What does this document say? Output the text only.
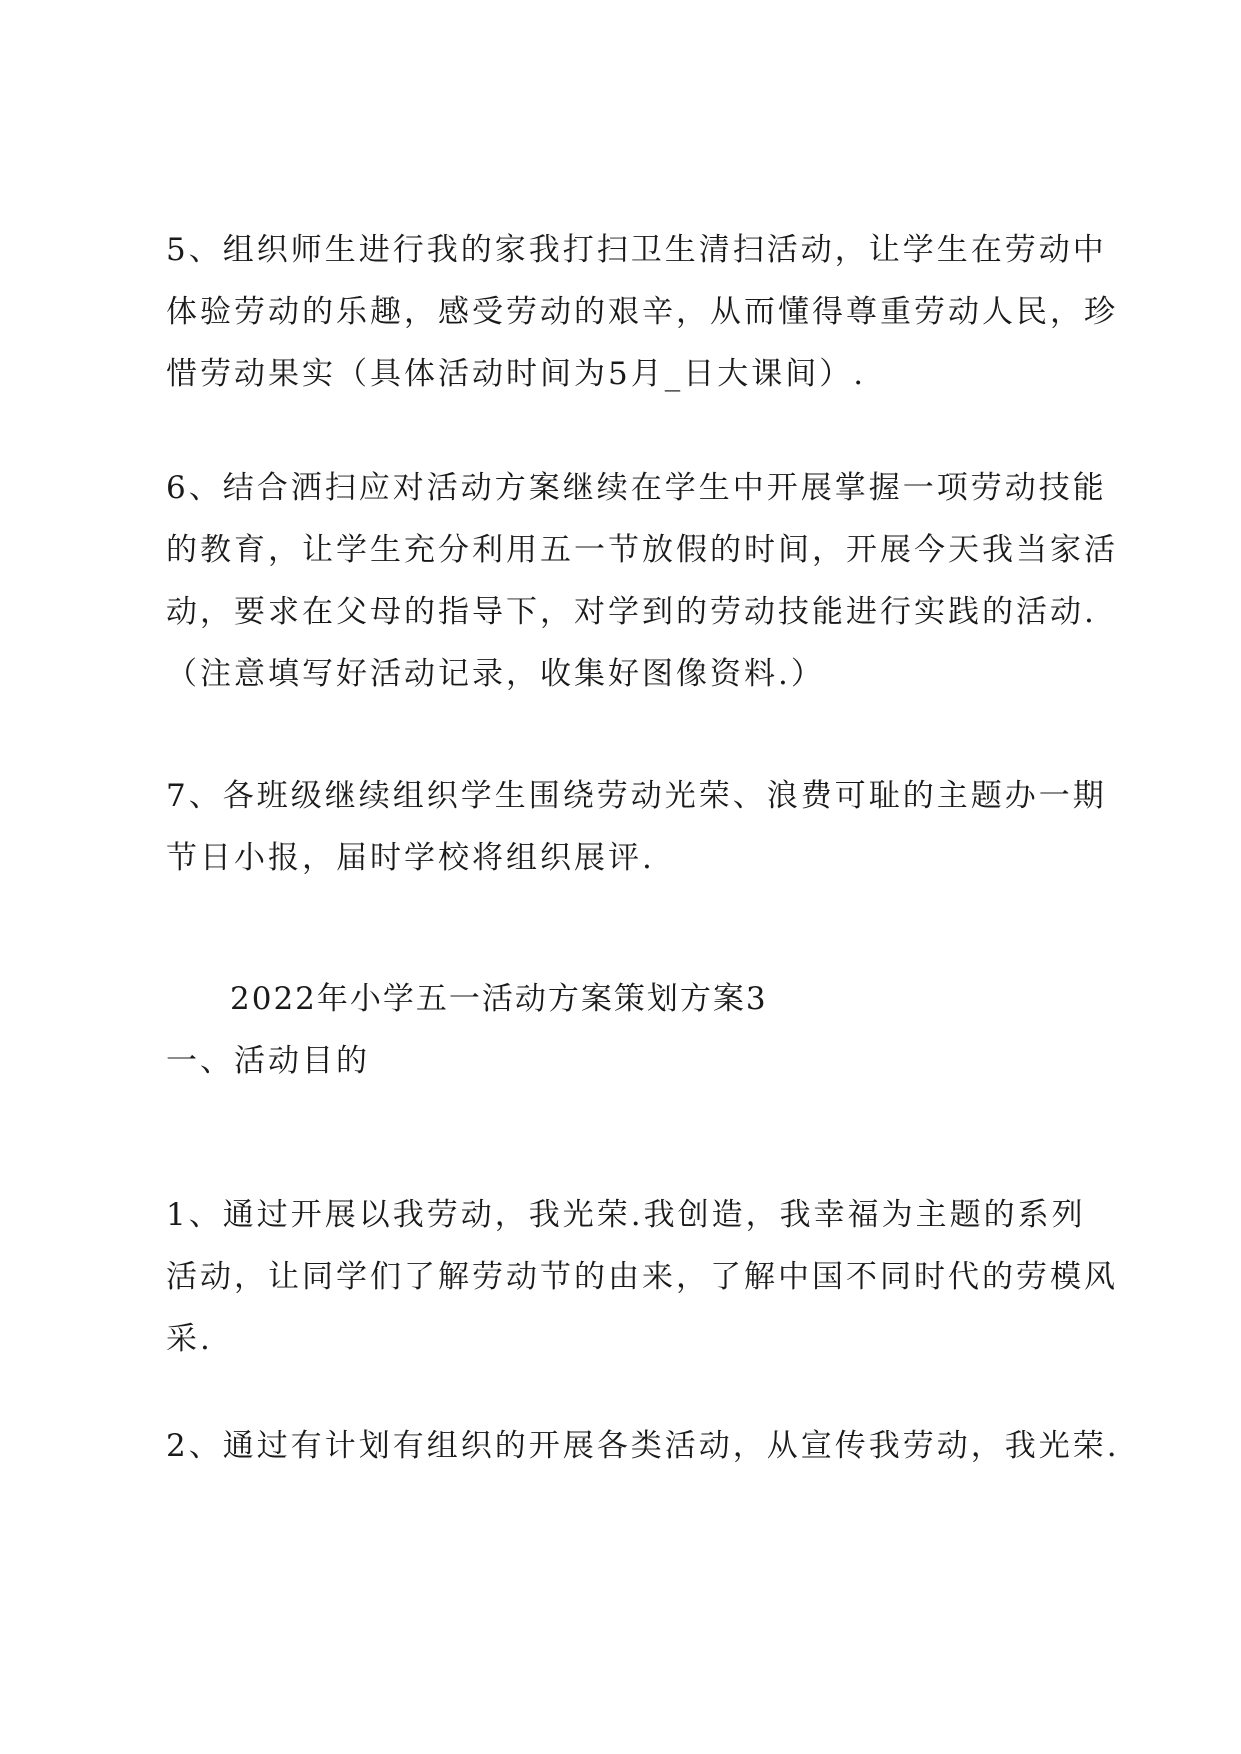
5、组织师生进行我的家我打扫卫生清扫活动，让学生在劳动中
体验劳动的乐趣，感受劳动的艰辛，从而懂得尊重劳动人民，珍
惜劳动果实（具体活动时间为5月_日大课间）.
6、结合洒扫应对活动方案继续在学生中开展掌握一项劳动技能
的教育，让学生充分利用五一节放假的时间，开展今天我当家活
动，要求在父母的指导下，对学到的劳动技能进行实践的活动.
（注意填写好活动记录，收集好图像资料.）
7、各班级继续组织学生围绕劳动光荣、浪费可耻的主题办一期
节日小报，届时学校将组织展评.
2022年小学五一活动方案策划方案3
一、活动目的
1、通过开展以我劳动，我光荣.我创造，我幸福为主题的系列
活动，让同学们了解劳动节的由来，了解中国不同时代的劳模风
采.
2、通过有计划有组织的开展各类活动，从宣传我劳动，我光荣.
